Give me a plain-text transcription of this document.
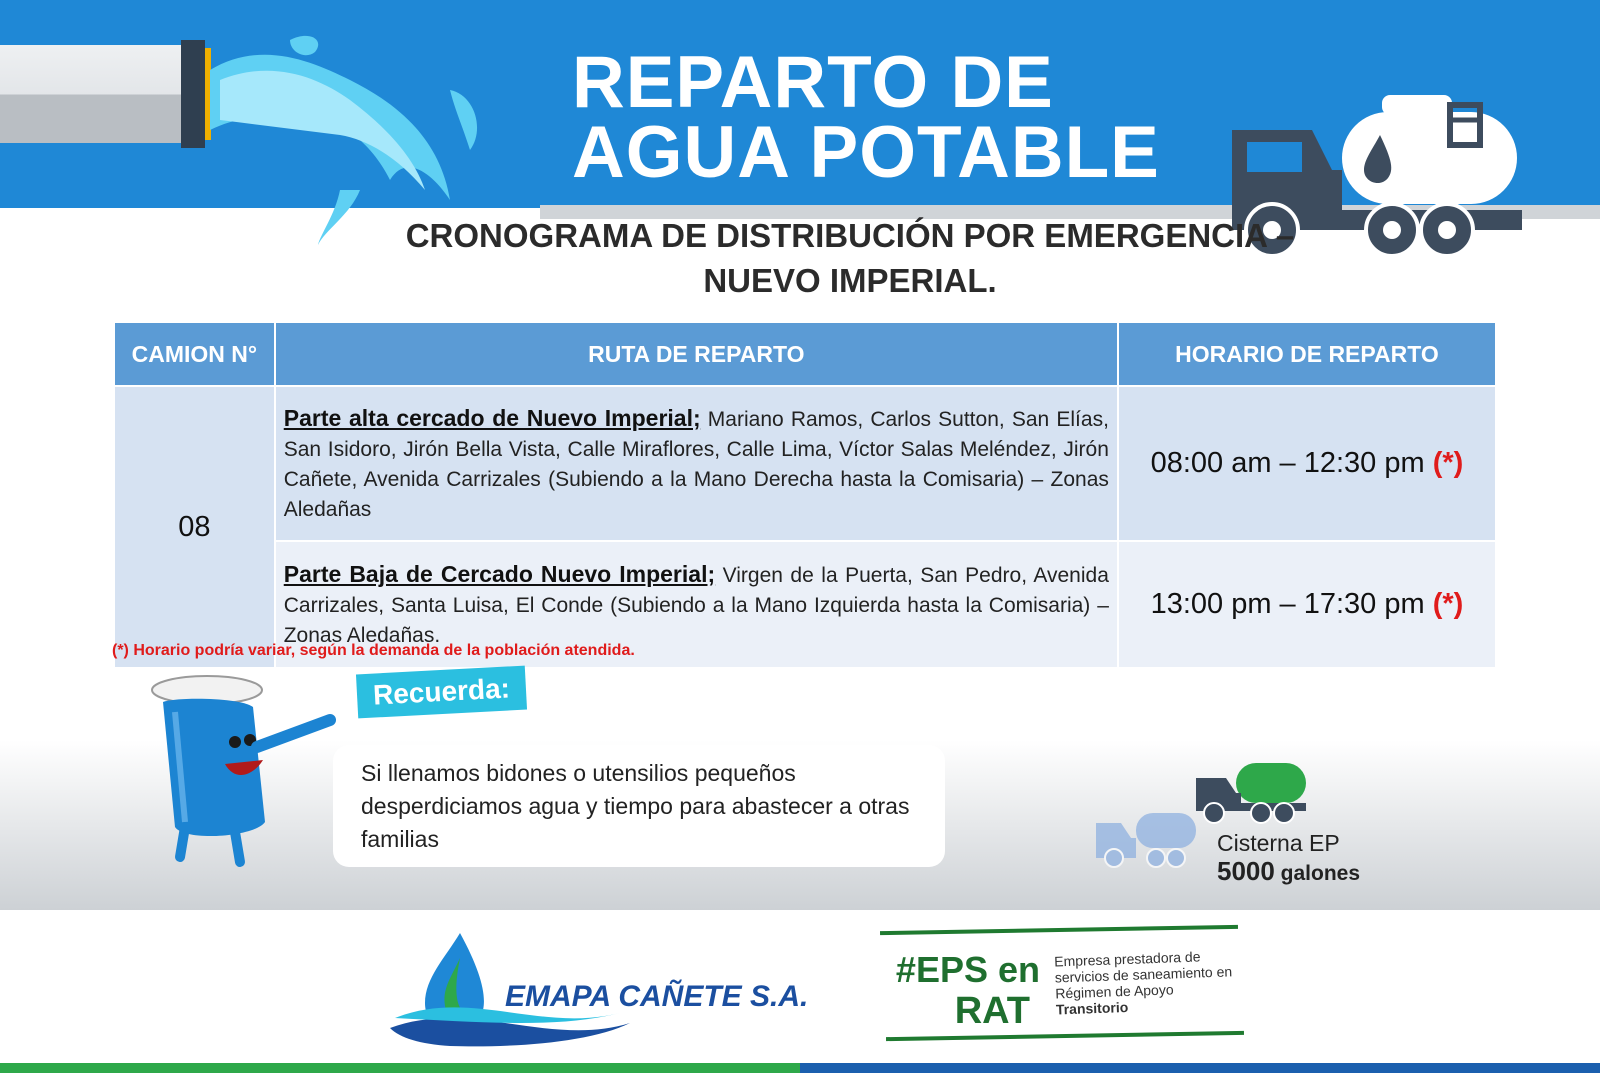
REPARTO DE
AGUA POTABLE
CRONOGRAMA DE DISTRIBUCIÓN POR EMERGENCIA –
NUEVO IMPERIAL.
CAMION N°	RUTA DE REPARTO	HORARIO DE REPARTO
08	Parte alta cercado de Nuevo Imperial; Mariano Ramos, Carlos Sutton, San Elías, San Isidoro, Jirón Bella Vista, Calle Miraflores, Calle Lima, Víctor Salas Meléndez, Jirón Cañete, Avenida Carrizales (Subiendo a la Mano Derecha hasta la Comisaria) – Zonas Aledañas	08:00 am – 12:30 pm (*)
	Parte Baja de Cercado Nuevo Imperial; Virgen de la Puerta, San Pedro, Avenida Carrizales, Santa Luisa, El Conde (Subiendo a la Mano Izquierda hasta la Comisaria) – Zonas Aledañas.	13:00 pm – 17:30 pm (*)
(*) Horario podría variar, según la demanda de la población atendida.
Recuerda:
Si llenamos bidones o utensilios pequeños desperdiciamos agua y tiempo para abastecer a otras familias	Cisterna EP
5000 galones
EMAPA CAÑETE S.A.
#EPS en
RAT
Empresa prestadora de servicios de saneamiento en Régimen de Apoyo
Transitorio
